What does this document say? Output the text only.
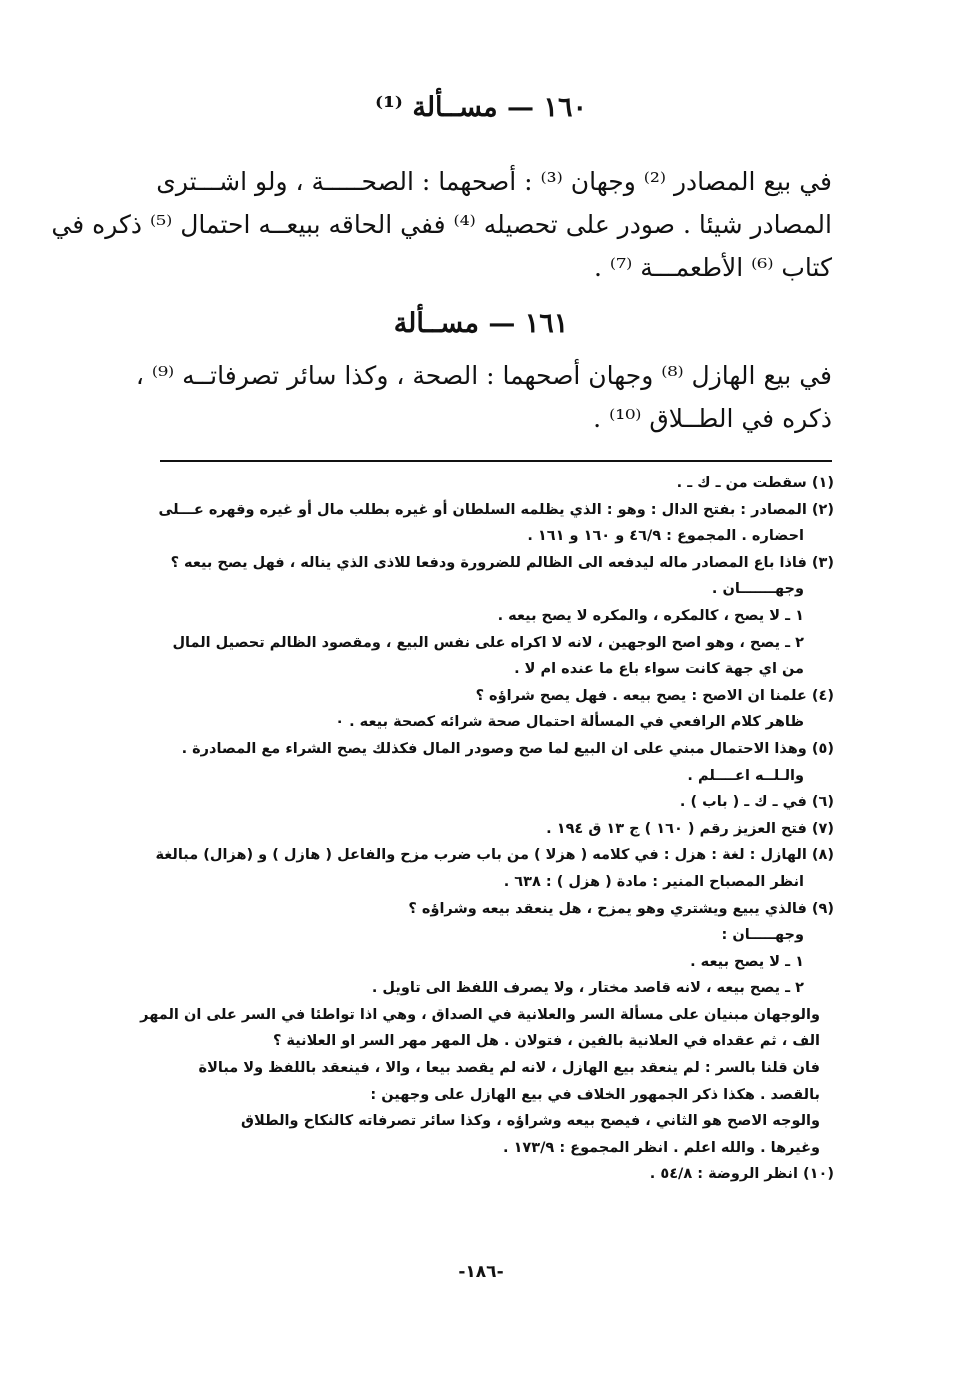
١٦٠ — مســألة ⁽¹⁾
في بيع المصادر ⁽²⁾ وجهان ⁽³⁾ : أصحهما : الصحـــــة ، ولو اشـــترى
المصادر شيئا . صودر على تحصيله ⁽⁴⁾ ففي الحاقه ببيعــه احتمال ⁽⁵⁾ ذكره في
كتاب ⁽⁶⁾ الأطعمـــة ⁽⁷⁾ .
١٦١ — مســألة
في بيع الهازل ⁽⁸⁾ وجهان أصحهما : الصحة ، وكذا سائر تصرفاتــه ⁽⁹⁾ ،
ذكره في الطــلاق ⁽¹⁰⁾ .
(١) سقطت من ـ ك ـ .
(٢) المصادر : بفتح الدال : وهو : الذي يظلمه السلطان أو غيره بطلب مال أو غيره وقهره عـــلى
احضاره . المجموع : ٤٦/٩ و ١٦٠ و ١٦١ .
(٣) فاذا باع المصادر ماله ليدفعه الى الظالم للضرورة ودفعا للاذى الذي يناله ، فهل يصح بيعه ؟
وجهـــــــان .
١ ـ لا يصح ، كالمكره ، والمكره لا يصح بيعه .
٢ ـ يصح ، وهو اصح الوجهين ، لانه لا اكراه على نفس البيع ، ومقصود الظالم تحصيل المال
من اي جهة كانت سواء باع ما عنده ام لا .
(٤) علمنا ان الاصح : يصح بيعه . فهل يصح شراؤه ؟
ظاهر كلام الرافعي في المسألة احتمال صحة شرائه كصحة بيعه . ٠
(٥) وهذا الاحتمال مبني على ان البيع لما صح وصودر المال فكذلك يصح الشراء مع المصادرة .
والـلــه اعــــلم .
(٦) في ـ ك ـ ( باب ) .
(٧) فتح العزيز رقم ( ١٦٠ ) ج ١٣ ق ١٩٤ .
(٨) الهازل : لغة : هزل : في كلامه ( هزلا ) من باب ضرب مزح والفاعل ( هازل ) و (هزال) مبالغة
انظر المصباح المنير : مادة ( هزل ) : ٦٣٨ .
(٩) فالذي يبيع ويشتري وهو يمزح ، هل ينعقد بيعه وشراؤه ؟
وجهـــــان :
١ ـ لا يصح بيعه .
٢ ـ يصح بيعه ، لانه قاصد مختار ، ولا يصرف اللفظ الى تاويل .
والوجهان مبنيان على مسألة السر والعلانية في الصداق ، وهي اذا تواطئا في السر على ان المهر
الف ، ثم عقداه في العلانية بالفين ، فتولان . هل المهر مهر السر او العلانية ؟
فان قلنا بالسر : لم ينعقد بيع الهازل ، لانه لم يقصد بيعا ، والا ، فينعقد باللفظ ولا مبالاة
بالقصد . هكذا ذكر الجمهور الخلاف في بيع الهازل على وجهين :
والوجه الاصح هو الثاني ، فيصح بيعه وشراؤه ، وكذا سائر تصرفاته كالنكاح والطلاق
وغيرها . والله اعلم . انظر المجموع : ١٧٣/٩ .
(١٠) انظر الروضة : ٥٤/٨ .
-١٨٦-
